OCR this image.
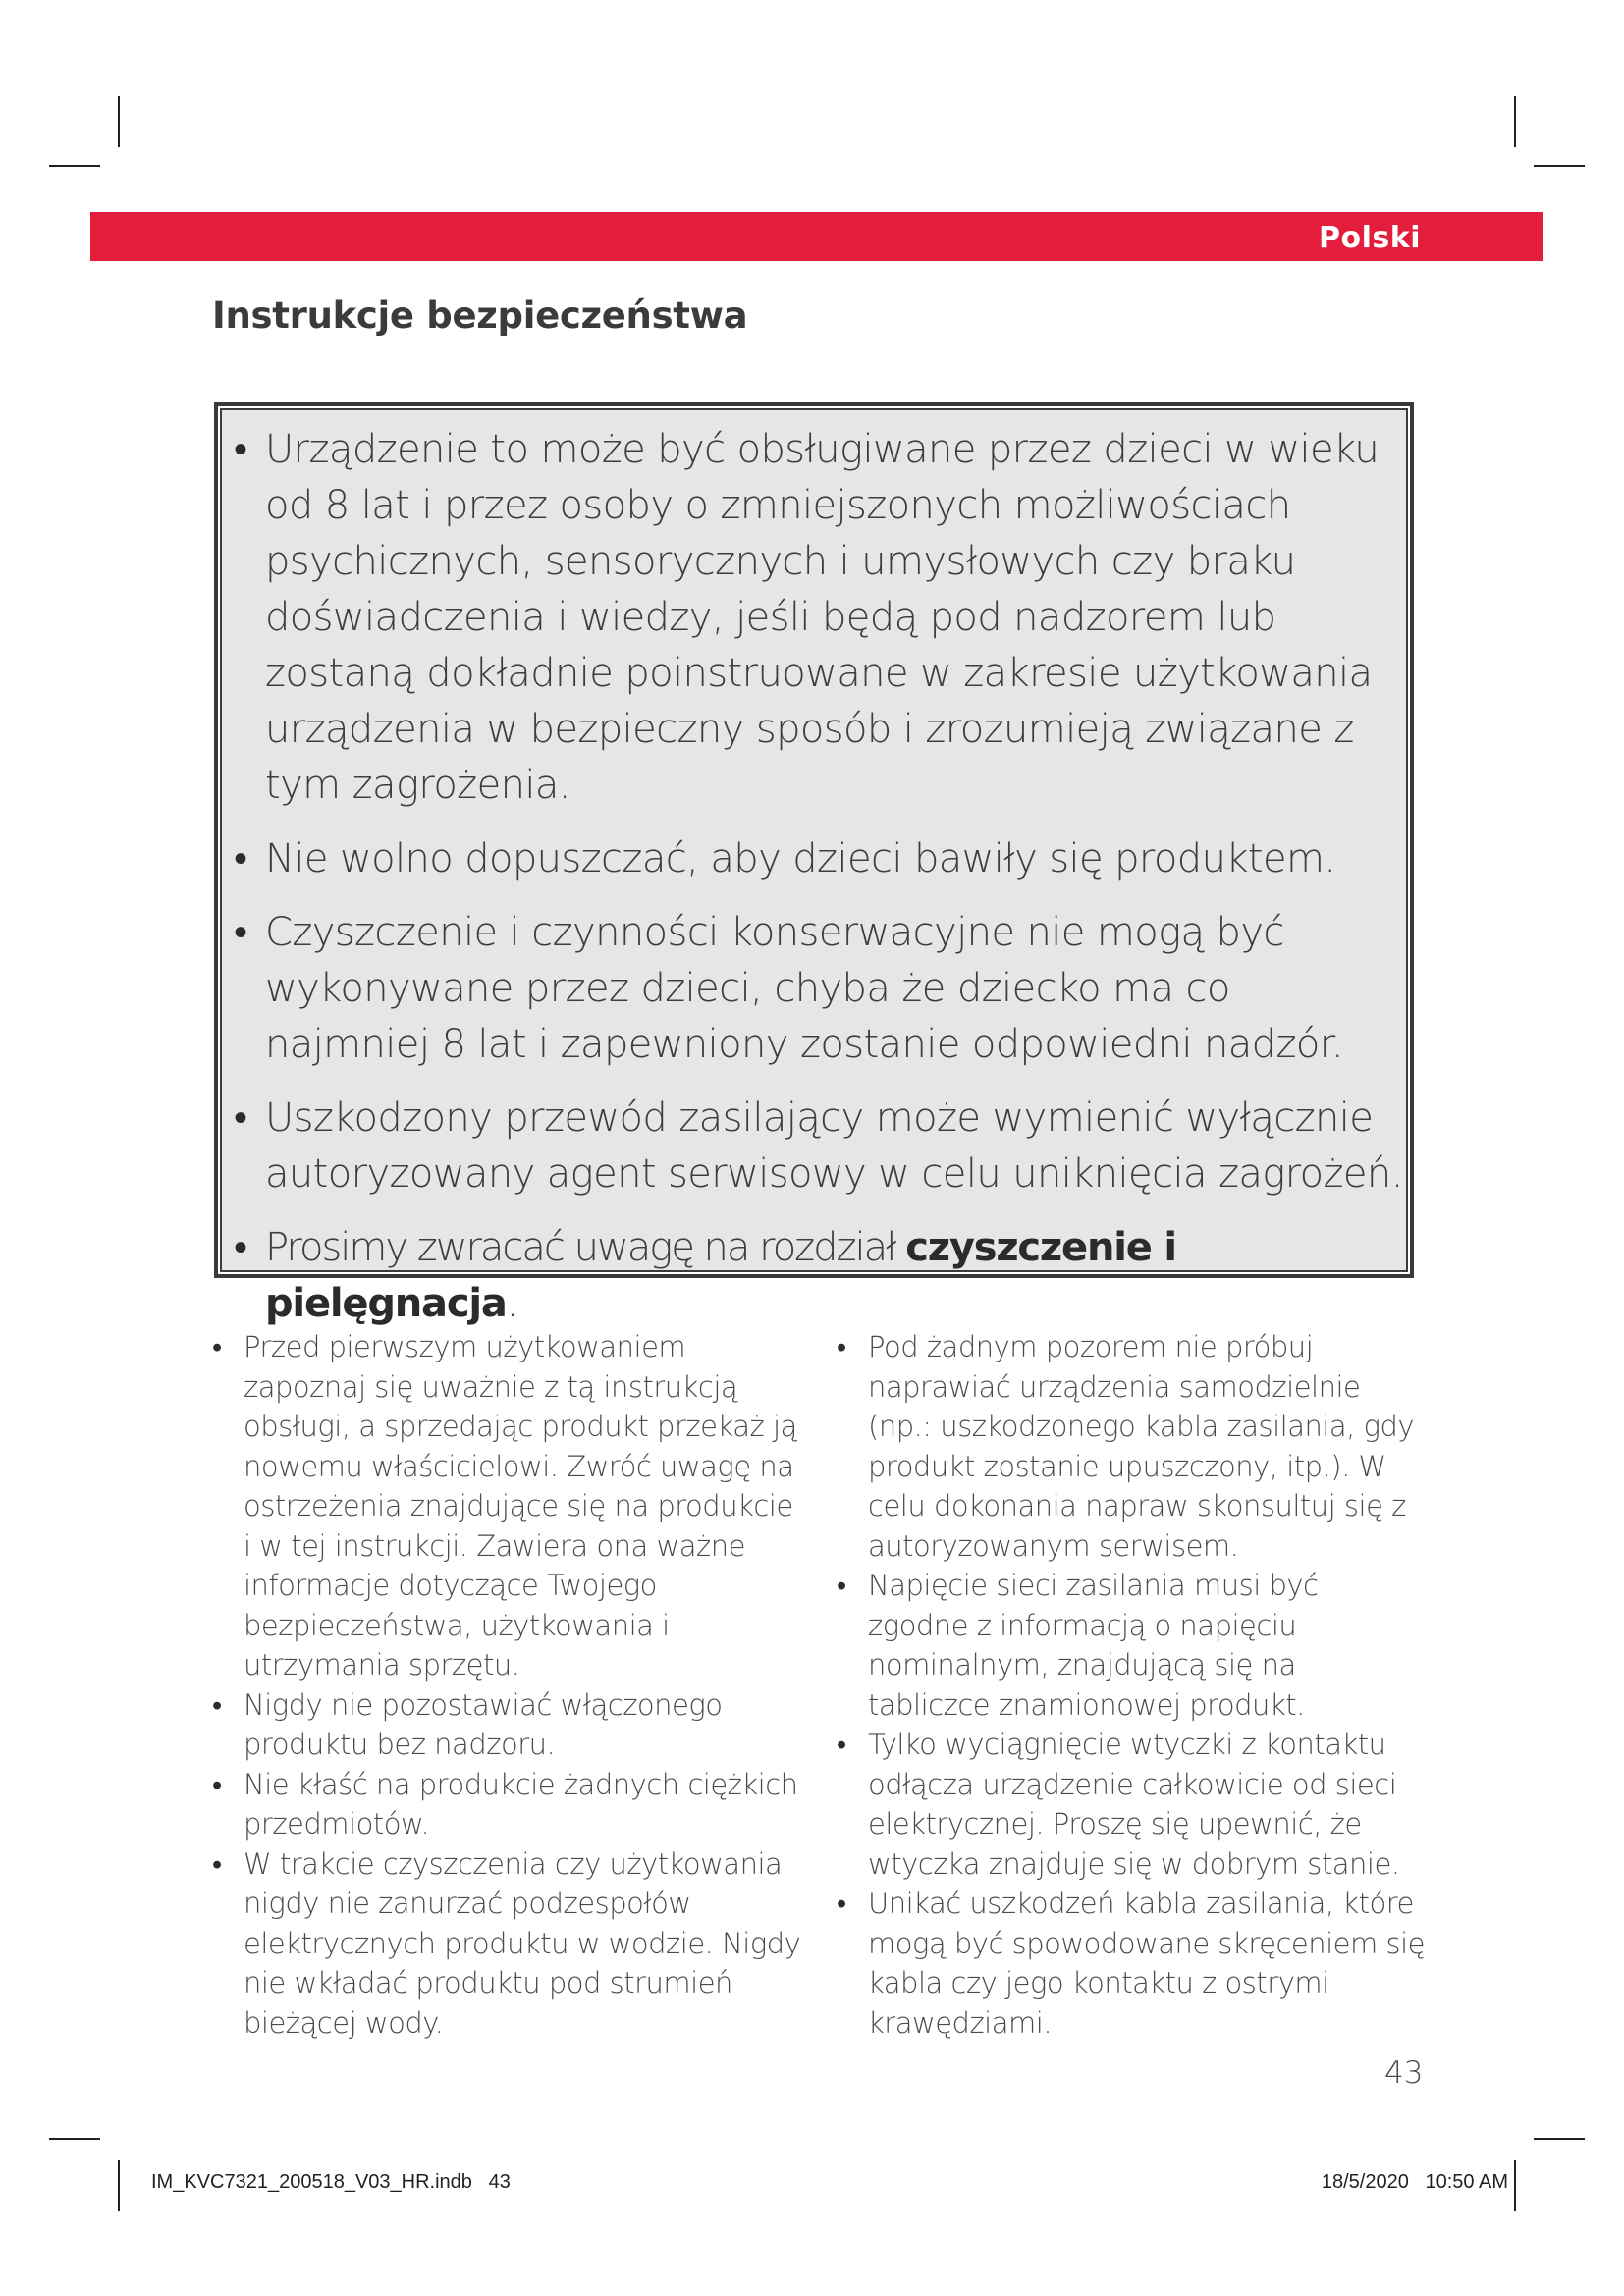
Polski
Instrukcje bezpieczeństwa
• Urządzenie to może być obsługiwane przez dzieci w wieku od 8 lat i przez osoby o zmniejszonych możliwościach psychicznych, sensorycznych i umysłowych czy braku doświadczenia i wiedzy, jeśli będą pod nadzorem lub zostaną dokładnie poinstruowane w zakresie użytkowania urządzenia w bezpieczny sposób i zrozumieją związane z tym zagrożenia.
• Nie wolno dopuszczać, aby dzieci bawiły się produktem.
• Czyszczenie i czynności konserwacyjne nie mogą być wykonywane przez dzieci, chyba że dziecko ma co najmniej 8 lat i zapewniony zostanie odpowiedni nadzór.
• Uszkodzony przewód zasilający może wymienić wyłącznie autoryzowany agent serwisowy w celu uniknięcia zagrożeń.
• Prosimy zwracać uwagę na rozdział czyszczenie i pielęgnacja.
• Przed pierwszym użytkowaniem zapoznaj się uważnie z tą instrukcją obsługi, a sprzedając produkt przekaż ją nowemu właścicielowi. Zwróć uwagę na ostrzeżenia znajdujące się na produkcie i w tej instrukcji. Zawiera ona ważne informacje dotyczące Twojego bezpieczeństwa, użytkowania i utrzymania sprzętu.
• Nigdy nie pozostawiać włączonego produktu bez nadzoru.
• Nie kłaść na produkcie żadnych ciężkich przedmiotów.
• W trakcie czyszczenia czy użytkowania nigdy nie zanurzać podzespołów elektrycznych produktu w wodzie. Nigdy nie wkładać produktu pod strumień bieżącej wody.
• Pod żadnym pozorem nie próbuj naprawiać urządzenia samodzielnie (np.: uszkodzonego kabla zasilania, gdy produkt zostanie upuszczony, itp.). W celu dokonania napraw skonsultuj się z autoryzowanym serwisem.
• Napięcie sieci zasilania musi być zgodne z informacją o napięciu nominalnym, znajdującą się na tabliczce znamionowej produkt.
• Tylko wyciągnięcie wtyczki z kontaktu odłącza urządzenie całkowicie od sieci elektrycznej. Proszę się upewnić, że wtyczka znajduje się w dobrym stanie.
• Unikać uszkodzeń kabla zasilania, które mogą być spowodowane skręceniem się kabla czy jego kontaktu z ostrymi krawędziami.
43
IM_KVC7321_200518_V03_HR.indb   43	18/5/2020   10:50 AM
